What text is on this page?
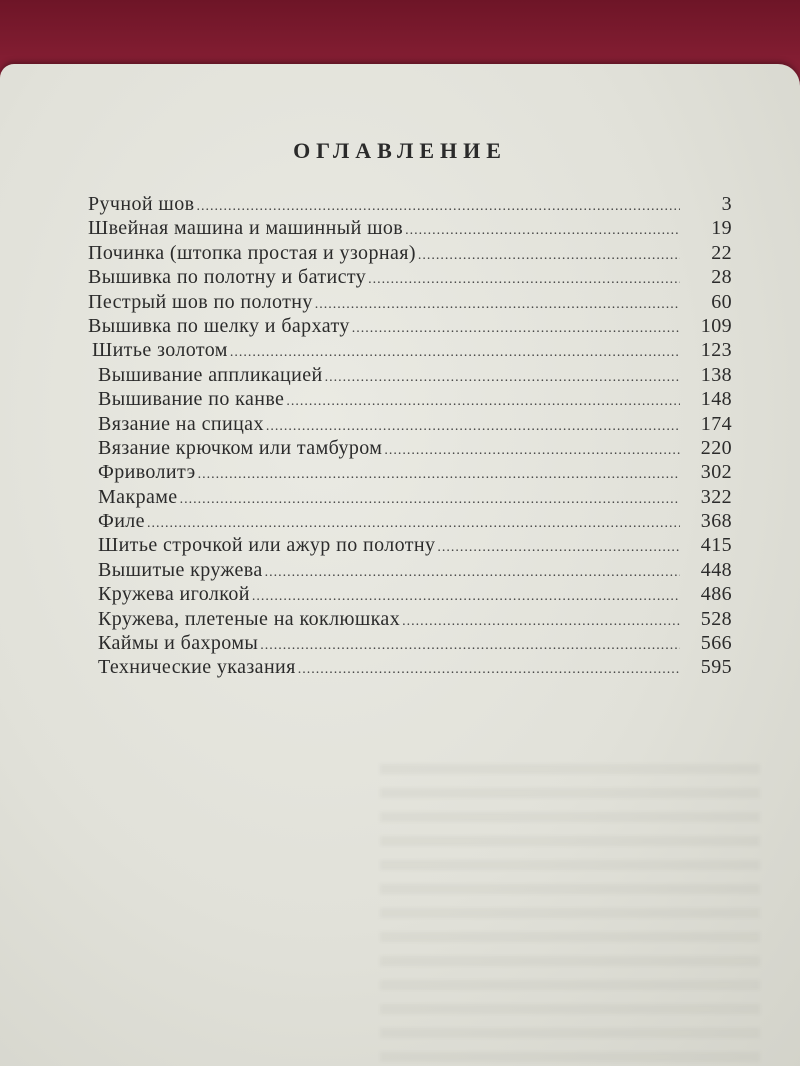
ОГЛАВЛЕНИЕ
Ручной шов .....	3
Швейная машина и машинный шов .....	19
Починка (штопка простая и узорная) .....	22
Вышивка по полотну и батисту .....	28
Пестрый шов по полотну .....	60
Вышивка по шелку и бархату .....	109
Шитье золотом .....	123
Вышивание аппликацией .....	138
Вышивание по канве .....	148
Вязание на спицах .....	174
Вязание крючком или тамбуром .....	220
Фриволитэ .....	302
Макраме .....	322
Филе .....	368
Шитье строчкой или ажур по полотну .....	415
Вышитые кружева .....	448
Кружева иголкой .....	486
Кружева, плетеные на коклюшках .....	528
Каймы и бахромы .....	566
Технические указания .....	595
